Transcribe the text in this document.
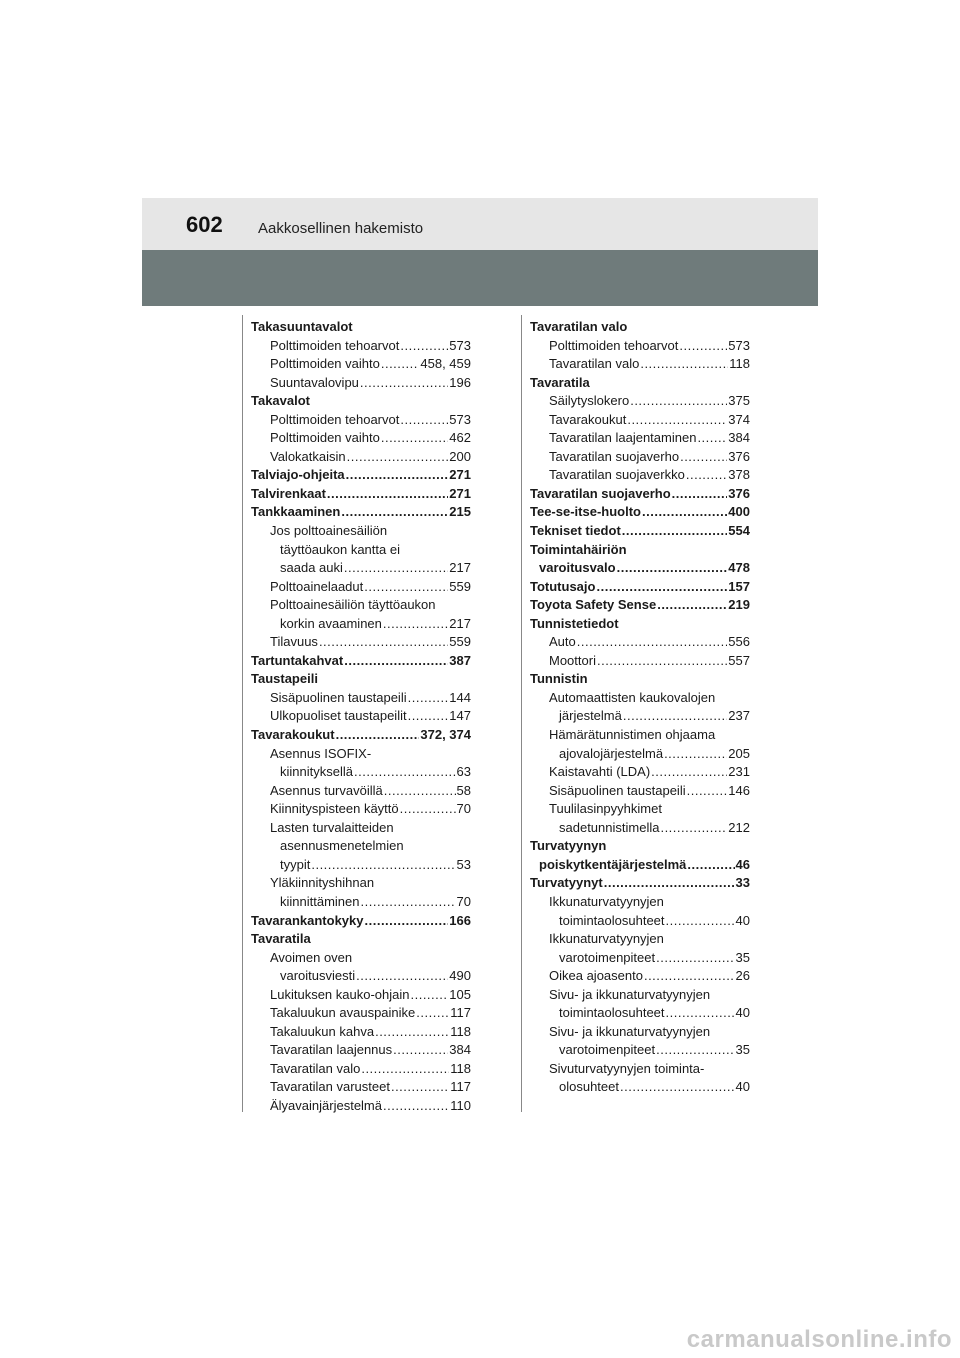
602 Aakkosellinen hakemisto
Takasuuntavalot
Polttimoiden tehoarvot .....	573
Polttimoiden vaihto .....	458, 459
Suuntavalovipu .....	196
Takavalot
Polttimoiden tehoarvot .....	573
Polttimoiden vaihto .....	462
Valokatkaisin .....	200
Talviajo-ohjeita .....	271
Talvirenkaat .....	271
Tankkaaminen .....	215
Jos polttoainesäiliön
täyttöaukon kantta ei
saada auki .....	217
Polttoainelaadut .....	559
Polttoainesäiliön täyttöaukon
korkin avaaminen .....	217
Tilavuus .....	559
Tartuntakahvat .....	387
Taustapeili
Sisäpuolinen taustapeili .....	144
Ulkopuoliset taustapeilit .....	147
Tavarakoukut .....	372, 374
Asennus ISOFIX-
kiinnityksellä .....	63
Asennus turvavöillä .....	58
Kiinnityspisteen käyttö .....	70
Lasten turvalaitteiden
asennusmenetelmien
tyypit .....	53
Yläkiinnityshihnan
kiinnittäminen .....	70
Tavarankantokyky .....	166
Tavaratila
Avoimen oven
varoitusviesti .....	490
Lukituksen kauko-ohjain .....	105
Takaluukun avauspainike .....	117
Takaluukun kahva .....	118
Tavaratilan laajennus .....	384
Tavaratilan valo .....	118
Tavaratilan varusteet .....	117
Älyavainjärjestelmä .....	110
Tavaratilan valo
Polttimoiden tehoarvot .....	573
Tavaratilan valo .....	118
Tavaratila
Säilytyslokero .....	375
Tavarakoukut .....	374
Tavaratilan laajentaminen ..... 384
Tavaratilan suojaverho .....	376
Tavaratilan suojaverkko .....	378
Tavaratilan suojaverho .....	376
Tee-se-itse-huolto .....	400
Tekniset tiedot .....	554
Toimintahäiriön
varoitusvalo .....	478
Totutusajo .....	157
Toyota Safety Sense .....	219
Tunnistetiedot
Auto .....	556
Moottori .....	557
Tunnistin
Automaattisten kaukovalojen
järjestelmä .....	237
Hämärätunnistimen ohjaama
ajovalojärjestelmä .....	205
Kaistavahti (LDA) .....	231
Sisäpuolinen taustapeili .....	146
Tuulilasinpyyhkimet
sadetunnistimella .....	212
Turvatyynyn
poiskytkentäjärjestelmä .....	46
Turvatyynyt .....	33
Ikkunaturvatyynyjen
toimintaolosuhteet .....	40
Ikkunaturvatyynyjen
varotoimenpiteet .....	35
Oikea ajoasento .....	26
Sivu- ja ikkunaturvatyynyjen
toimintaolosuhteet .....	40
Sivu- ja ikkunaturvatyynyjen
varotoimenpiteet .....	35
Sivuturvatyynyjen toiminta-
olosuhteet .....	40
carmanualsonline.info
